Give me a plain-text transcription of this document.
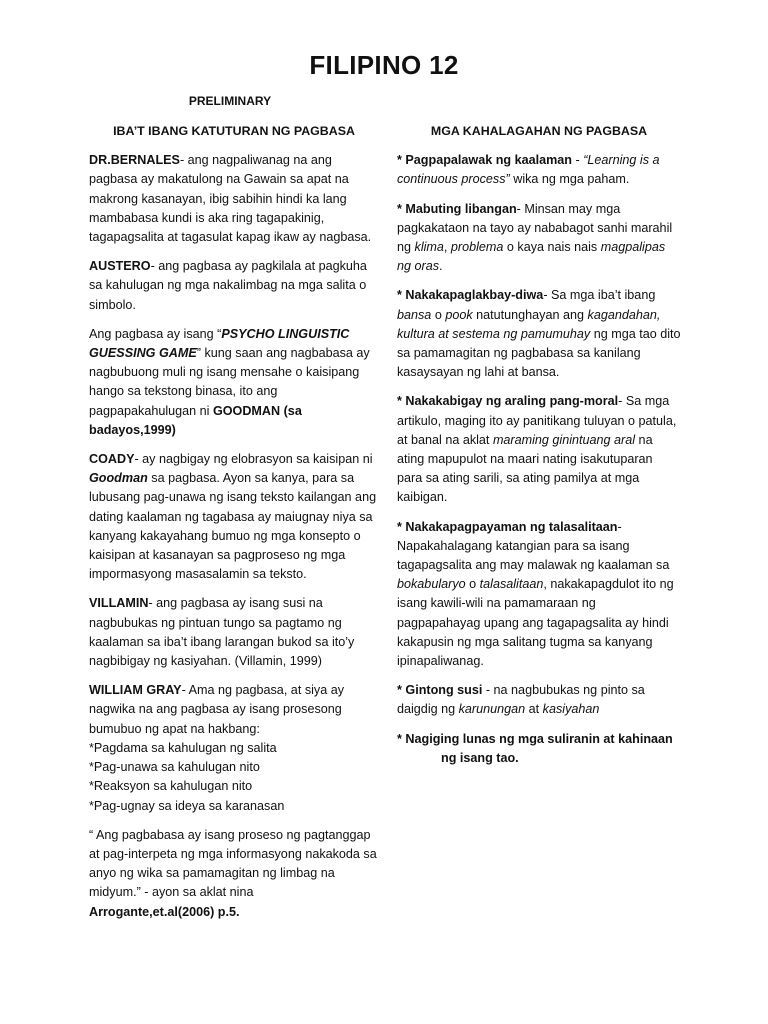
FILIPINO 12
PRELIMINARY
IBA’T IBANG KATUTURAN NG PAGBASA

DR.BERNALES- ang nagpaliwanag na ang pagbasa ay makatulong na Gawain sa apat na makrong kasanayan, ibig sabihin hindi ka lang mambabasa kundi is aka ring tagapakinig, tagapagsalita at tagasulat kapag ikaw ay nagbasa.

AUSTERO- ang pagbasa ay pagkilala at pagkuha sa kahulugan ng mga nakalimbag na mga salita o simbolo.

Ang pagbasa ay isang “PSYCHO LINGUISTIC GUESSING GAME” kung saan ang nagbabasa ay nagbubuong muli ng isang mensahe o kaisipang hango sa tekstong binasa, ito ang pagpapakahulugan ni GOODMAN (sa badayos,1999)

COADY- ay nagbigay ng elobrasyon sa kaisipan ni Goodman sa pagbasa. Ayon sa kanya, para sa lubusang pag-unawa ng isang teksto kailangan ang dating kaalaman ng tagabasa ay maiugnay niya sa kanyang kakayahang bumuo ng mga konsepto o kaisipan at kasanayan sa pagproseso ng mga impormasyong masasalamin sa teksto.

VILLAMIN- ang pagbasa ay isang susi na nagbubukas ng pintuan tungo sa pagtamo ng kaalaman sa iba’t ibang larangan bukod sa ito’y nagbibigay ng kasiyahan. (Villamin, 1999)

WILLIAM GRAY- Ama ng pagbasa, at siya ay nagwika na ang pagbasa ay isang prosesong bumubuo ng apat na hakbang:
*Pagdama sa kahulugan ng salita
*Pag-unawa sa kahulugan nito
*Reaksyon sa kahulugan nito
*Pag-ugnay sa ideya sa karanasan

“ Ang pagbabasa ay isang proseso ng pagtanggap at pag-interpeta ng mga informasyong nakakoda sa anyo ng wika sa pamamagitan ng limbag na midyum.” - ayon sa aklat nina
Arrogante,et.al(2006) p.5.

MGA KAHALAGAHAN NG PAGBASA

* Pagpapalawak ng kaalaman - “Learning is a continuous process” wika ng mga paham.

* Mabuting libangan- Minsan may mga pagkakataon na tayo ay nababagot sanhi marahil ng klima, problema o kaya nais nais magpalipas ng oras.

* Nakakapaglakbay-diwa- Sa mga iba’t ibang bansa o pook natutunghayan ang kagandahan, kultura at sestema ng pamumuhay ng mga tao dito sa pamamagitan ng pagbabasa sa kanilang kasaysayan ng lahi at bansa.

* Nakakabigay ng araling pang-moral- Sa mga artikulo, maging ito ay panitikang tuluyan o patula, at banal na aklat maraming ginintuang aral na ating mapupulot na maari nating isakutuparan para sa ating sarili, sa ating pamilya at mga kaibigan.

* Nakakapagpayaman ng talasalitaan- Napakahalagang katangian para sa isang tagapagsalita ang may malawak ng kaalaman sa bokabularyo o talasalitaan, nakakapagdulot ito ng isang kawili-wili na pamamaraan ng pagpapahayag upang ang tagapagsalita ay hindi kakapusin ng mga salitang tugma sa kanyang ipinapaliwanag.

* Gintong susi - na nagbubukas ng pinto sa daigdig ng karunungan at kasiyahan

* Nagiging lunas ng mga suliranin at kahinaan
ng isang tao.
